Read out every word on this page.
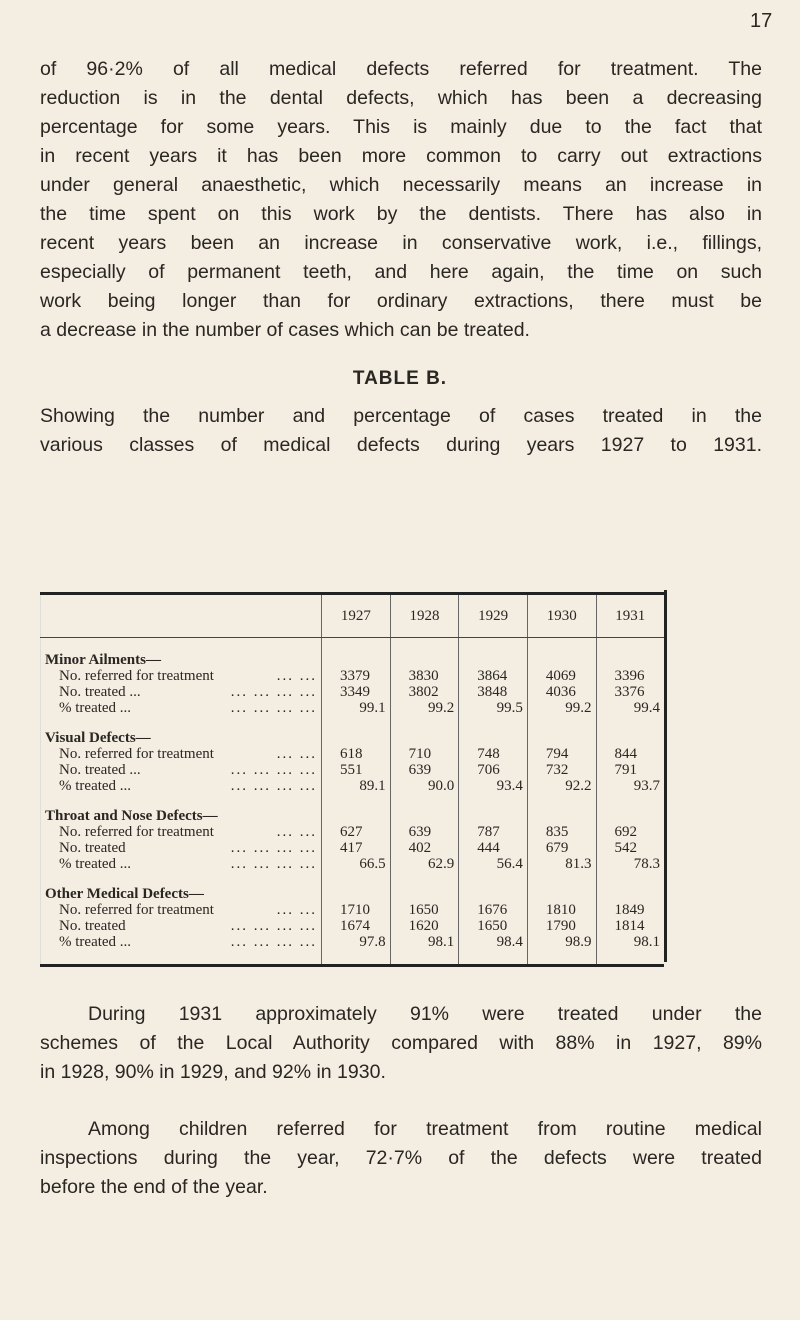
17
of 96·2% of all medical defects referred for treatment. The
reduction is in the dental defects, which has been a decreasing
percentage for some years. This is mainly due to the fact that
in recent years it has been more common to carry out extractions
under general anaesthetic, which necessarily means an increase in
the time spent on this work by the dentists. There has also in
recent years been an increase in conservative work, i.e., fillings,
especially of permanent teeth, and here again, the time on such
work being longer than for ordinary extractions, there must be
a decrease in the number of cases which can be treated.
TABLE B.
Showing the number and percentage of cases treated in the
various classes of medical defects during years 1927 to 1931.
	1927	1928	1929	1930	1931
Minor Ailments—					
No. referred for treatment ... ...	3379	3830	3864	4069	3396
No. treated ... ... ... ... ...	3349	3802	3848	4036	3376
% treated ... ... ... ... ...	99.1	99.2	99.5	99.2	99.4
Visual Defects—					
No. referred for treatment ... ...	618	710	748	794	844
No. treated ... ... ... ... ...	551	639	706	732	791
% treated ... ... ... ... ...	89.1	90.0	93.4	92.2	93.7
Throat and Nose Defects—					
No. referred for treatment ... ...	627	639	787	835	692
No. treated ... ... ... ...	417	402	444	679	542
% treated ... ... ... ... ...	66.5	62.9	56.4	81.3	78.3
Other Medical Defects—					
No. referred for treatment ... ...	1710	1650	1676	1810	1849
No. treated ... ... ... ...	1674	1620	1650	1790	1814
% treated ... ... ... ... ...	97.8	98.1	98.4	98.9	98.1

During 1931 approximately 91% were treated under the
schemes of the Local Authority compared with 88% in 1927, 89%
in 1928, 90% in 1929, and 92% in 1930.
Among children referred for treatment from routine medical
inspections during the year, 72·7% of the defects were treated
before the end of the year.
